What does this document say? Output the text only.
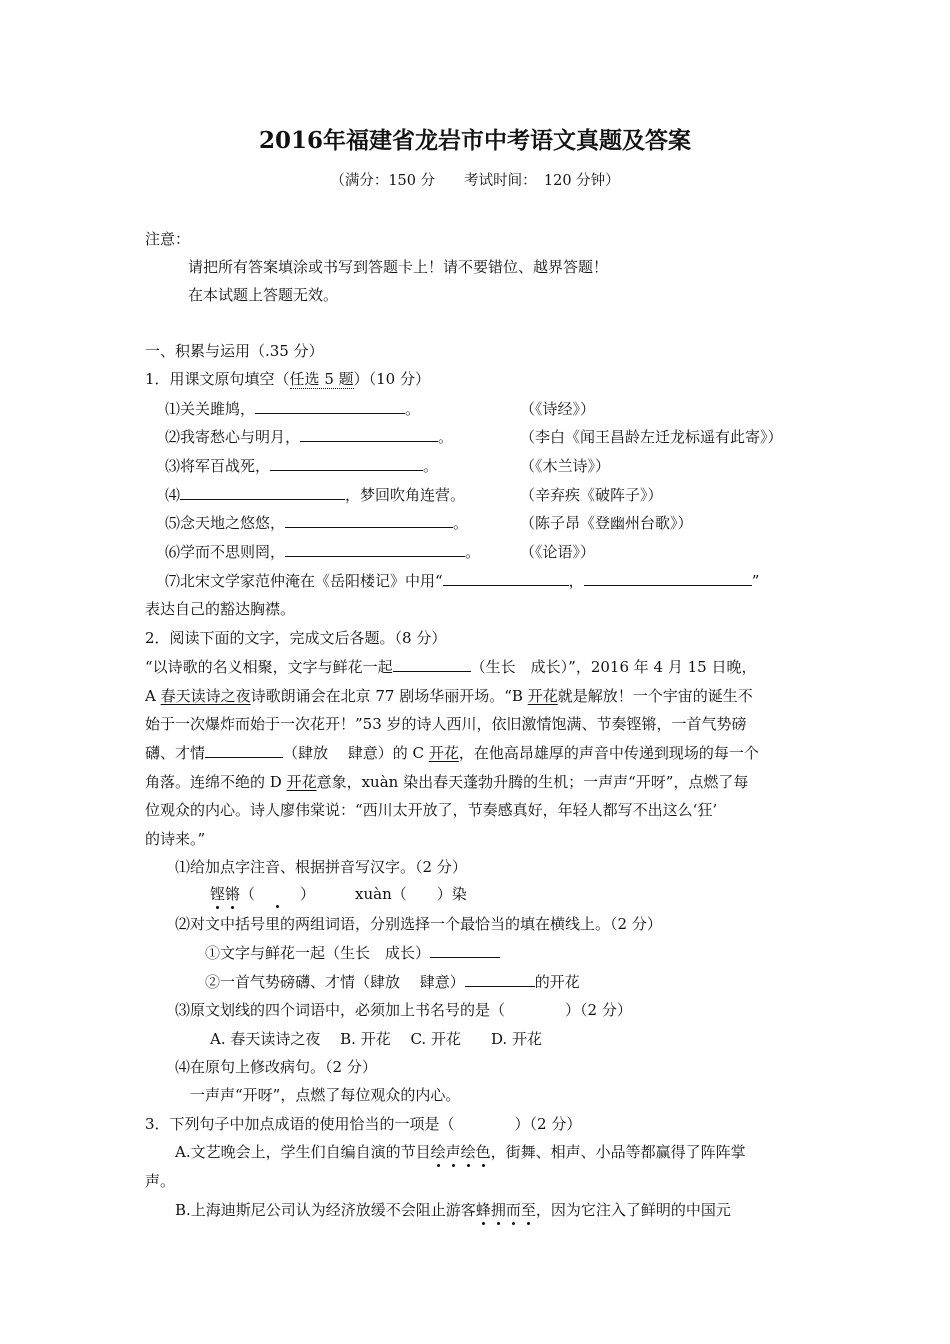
2016年福建省龙岩市中考语文真题及答案
（满分：150 分　　考试时间：　120 分钟）
注意：
请把所有答案填涂或书写到答题卡上！请不要错位、越界答题！
在本试题上答题无效。
一、积累与运用（.35 分）
1．用课文原句填空（任选 5 题）（10 分）
⑴关关雎鸠，	。	（《诗经》）
⑵我寄愁心与明月，	。	（李白《闻王昌龄左迁龙标遥有此寄》）
⑶将军百战死，	。	（《木兰诗》）
⑷	，梦回吹角连营。	（辛弃疾《破阵子》）
⑸念天地之悠悠，	。	（陈子昂《登幽州台歌》）
⑹学而不思则罔，	。	（《论语》）
⑺北宋文学家范仲淹在《岳阳楼记》中用“	，	”
表达自己的豁达胸襟。
2．阅读下面的文字，完成文后各题。（8 分）
“以诗歌的名义相聚，文字与鲜花一起	（生长　成长）”，2016 年 4 月 15 日晚，
A 春天读诗之夜诗歌朗诵会在北京 77 剧场华丽开场。“B 开花就是解放！一个宇宙的诞生不
始于一次爆炸而始于一次花开！”53 岁的诗人西川，依旧激情饱满、节奏铿锵，一首气势磅
礴、才情	（肆放　 肆意）的 C 开花，在他高昂雄厚的声音中传递到现场的每一个
角落。连绵不绝的 D 开花意象，xuàn 染出春天蓬勃升腾的生机；一声声“开呀”，点燃了每
位观众的内心。诗人廖伟棠说：“西川太开放了，节奏感真好，年轻人都写不出这么‘狂’
的诗来。”
⑴给加点字注音、根据拼音写汉字。（2 分）
铿锵（　　　）	xuàn（　　）染
⑵对文中括号里的两组词语，分别选择一个最恰当的填在横线上。（2 分）
①文字与鲜花一起（生长　成长）
②一首气势磅礴、才情（肆放　 肆意）	的开花
⑶原文划线的四个词语中，必须加上书名号的是（　　　　）（2 分）
A. 春天读诗之夜　 B. 开花　 C. 开花　　D. 开花
⑷在原句上修改病句。（2 分）
一声声“开呀”，点燃了每位观众的内心。
3．下列句子中加点成语的使用恰当的一项是（　　　　）（2 分）
A.文艺晚会上，学生们自编自演的节目绘声绘色，街舞、相声、小品等都赢得了阵阵掌
声。
B.上海迪斯尼公司认为经济放缓不会阻止游客蜂拥而至，因为它注入了鲜明的中国元
